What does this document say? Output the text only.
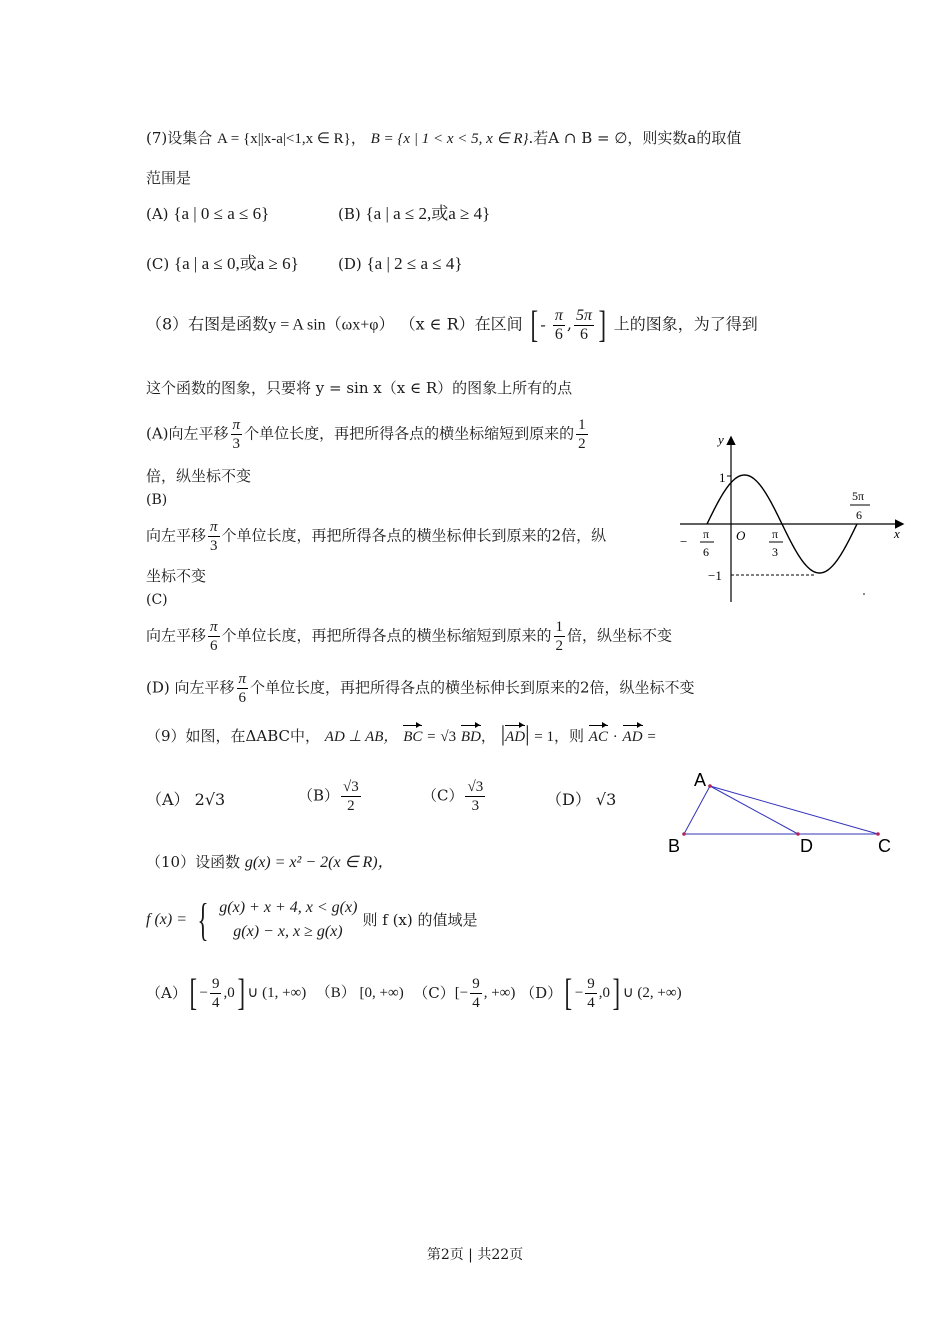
(7)设集合 A = {x||x-a|<1,x ∈ R}， B = {x | 1 < x < 5, x ∈ R}.若A ∩ B = ∅，则实数a的取值
范围是
(A) {a | 0 ≤ a ≤ 6}	(B) {a | a ≤ 2,或a ≥ 4}
(C) {a | a ≤ 0,或a ≥ 6}	(D) {a | 2 ≤ a ≤ 4}
（8）右图是函数y = A sin（ωx+φ） （x ∈ R）在区间 [ - $\frac{\pi}{6}$ , $\frac{5\pi}{6}$ ] 上的图象，为了得到
这个函数的图象，只要将 y = sin x（x ∈ R）的图象上所有的点
(A)向左平移 $\frac{\pi}{3}$ 个单位长度，再把所得各点的横坐标缩短到原来的 $\frac{1}{2}$
倍，纵坐标不变
(B)
向左平移 $\frac{\pi}{3}$ 个单位长度，再把所得各点的横坐标伸长到原来的2倍，纵
坐标不变
(C)
向左平移 $\frac{\pi}{6}$ 个单位长度，再把所得各点的横坐标缩短到原来的 $\frac{1}{2}$ 倍，纵坐标不变
(D) 向左平移 $\frac{\pi}{6}$ 个单位长度，再把所得各点的横坐标伸长到原来的2倍，纵坐标不变
y
x
O
1
−1
− π
6
π
3
5π
6
（9）如图，在ΔABC中， AD ⊥ AB， BC = √3 BD， |AD| = 1，则 AC · AD =
（A） 2√3	$(B) \frac{√3}{2}$	$(C) \frac{√3}{3}$	（D） √3
A
B	D	C
（10）设函数 g(x) = x² − 2(x ∈ R)，
f (x) = { g(x) + x + 4, x < g(x)
g(x) − x, x ≥ g(x)
则 f (x) 的值域是
$(A)[ - \frac{9}{4} ,0]$ ∪ (1, +∞) （B） [0, +∞) $(C)[- \frac{9}{4}$ , +∞) $(D)[ - \frac{9}{4} ,0]$ ∪ (2, +∞)
第2页 | 共22页
